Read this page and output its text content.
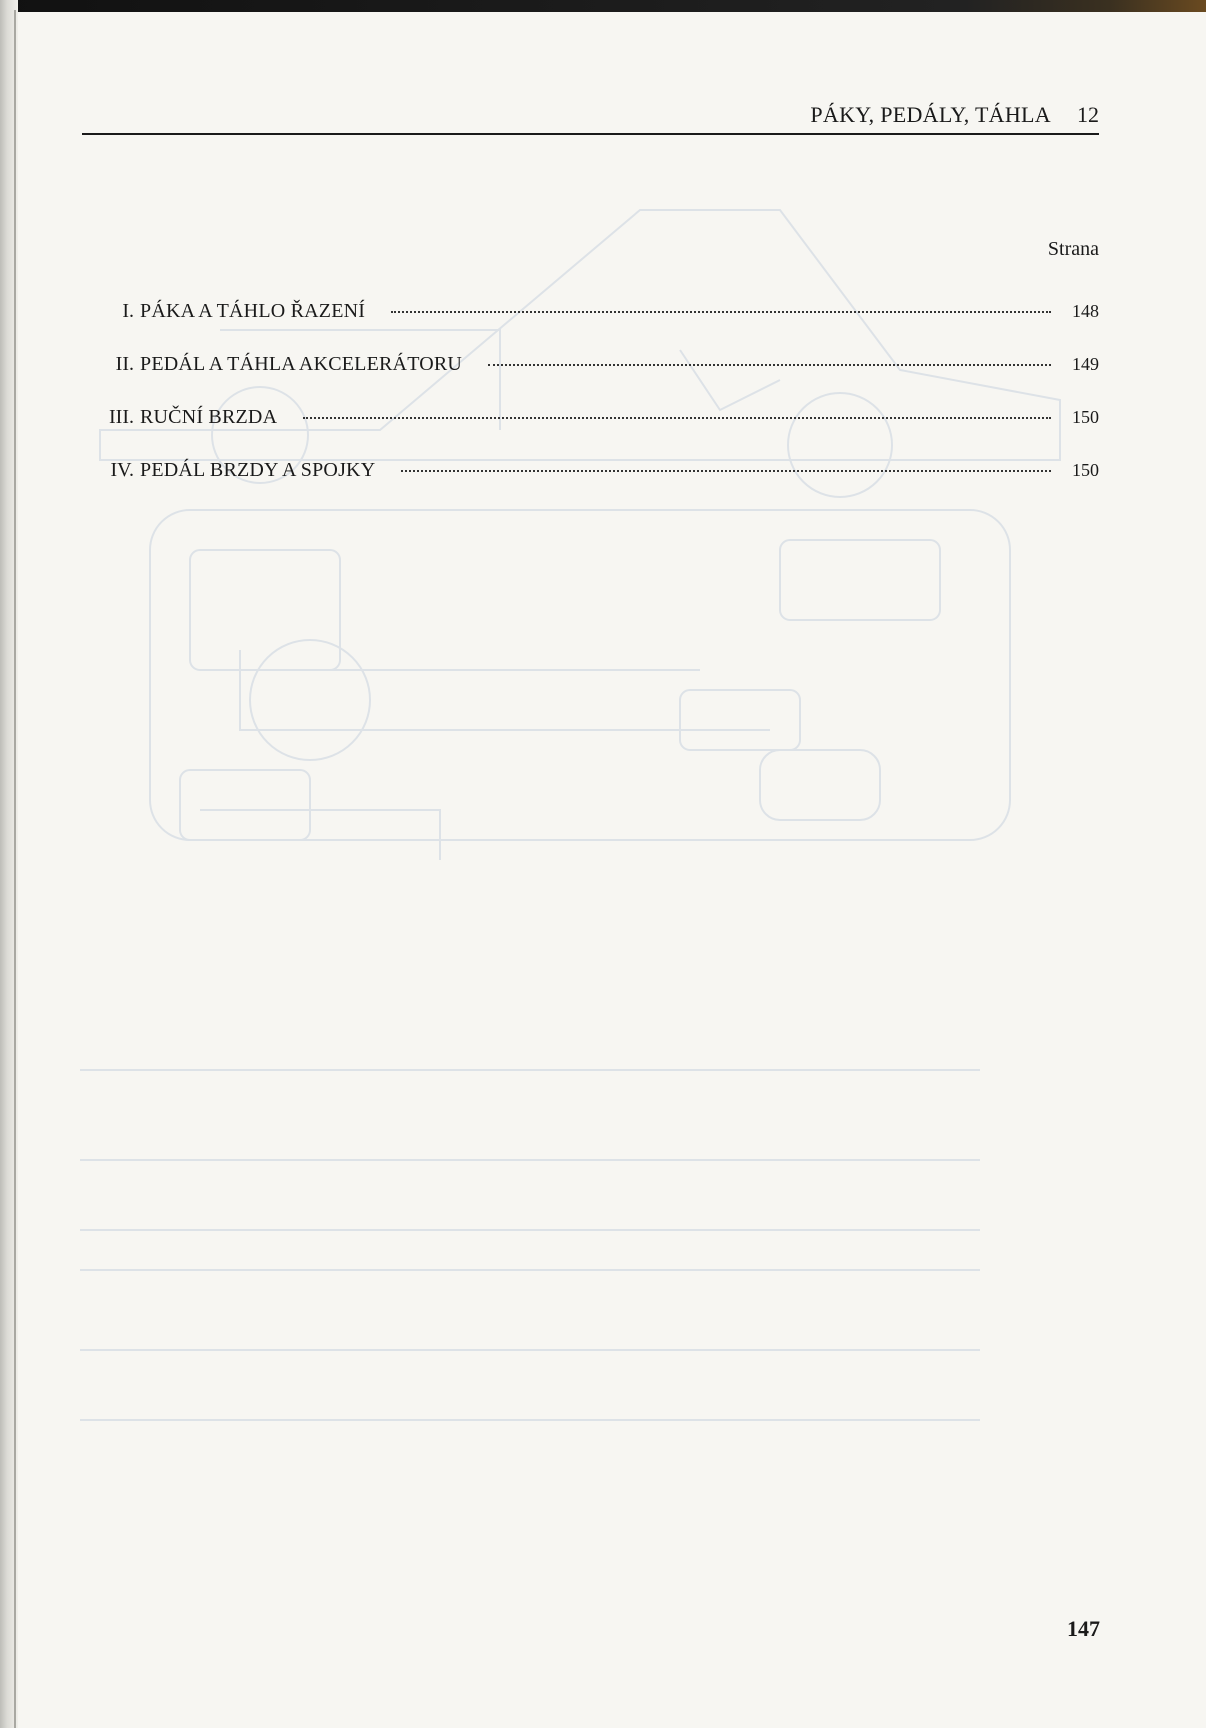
PÁKY, PEDÁLY, TÁHLA 12
Strana
I. PÁKA A TÁHLO ŘAZENÍ	148
II. PEDÁL A TÁHLA AKCELERÁTORU	149
III. RUČNÍ BRZDA	150
IV. PEDÁL BRZDY A SPOJKY	150
147
